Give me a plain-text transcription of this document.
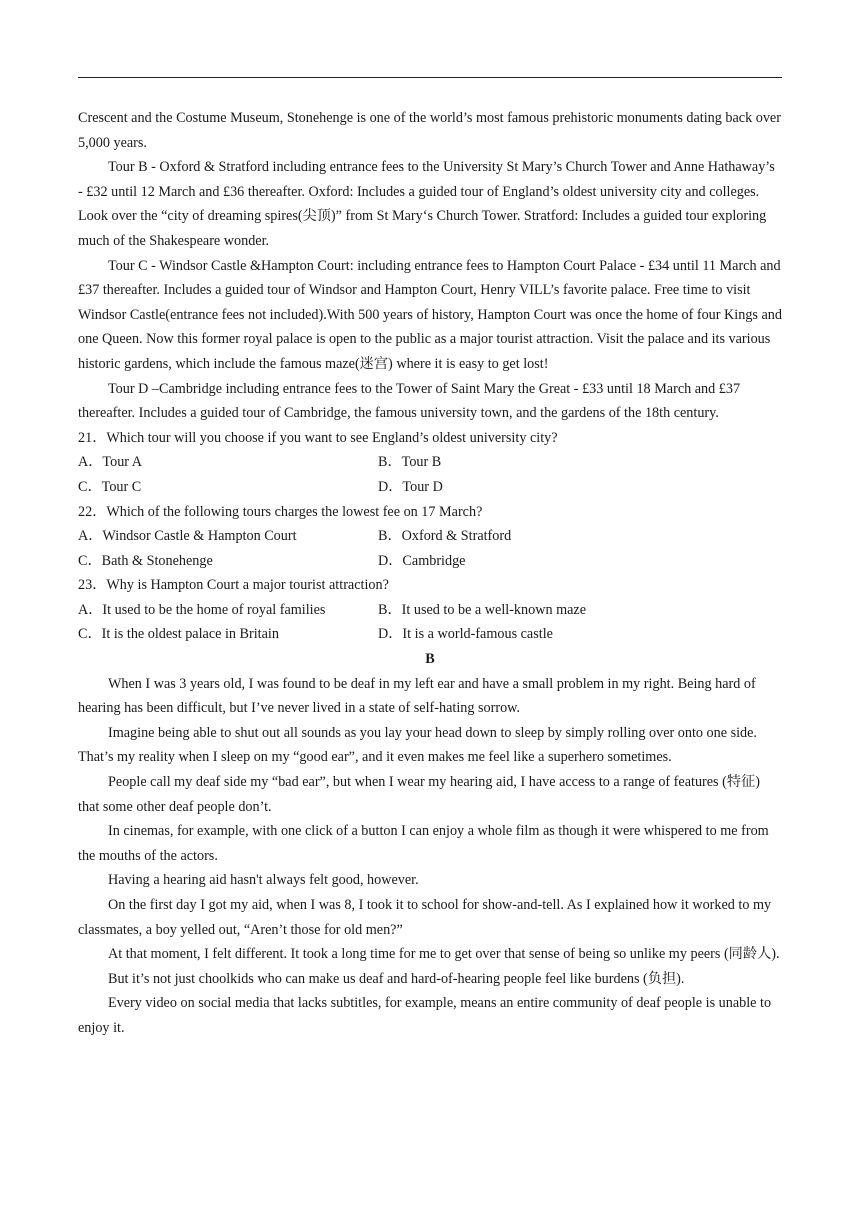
Crescent and the Costume Museum, Stonehenge is one of the world’s most famous prehistoric monuments dating back over 5,000 years.

Tour B - Oxford & Stratford including entrance fees to the University St Mary’s Church Tower and Anne Hathaway’s - £32 until 12 March and £36 thereafter. Oxford: Includes a guided tour of England’s oldest university city and colleges. Look over the “city of dreaming spires(尖顶)” from St Mary‘s Church Tower. Stratford: Includes a guided tour exploring much of the Shakespeare wonder.

Tour C - Windsor Castle &Hampton Court: including entrance fees to Hampton Court Palace - £34 until 11 March and £37 thereafter. Includes a guided tour of Windsor and Hampton Court, Henry VILL’s favorite palace. Free time to visit Windsor Castle(entrance fees not included).With 500 years of history, Hampton Court was once the home of four Kings and one Queen. Now this former royal palace is open to the public as a major tourist attraction. Visit the palace and its various historic gardens, which include the famous maze(迷宫) where it is easy to get lost!

Tour D –Cambridge including entrance fees to the Tower of Saint Mary the Great - £33 until 18 March and £37 thereafter. Includes a guided tour of Cambridge, the famous university town, and the gardens of the 18th century.

21．Which tour will you choose if you want to see England’s oldest university city?

A．Tour A	B．Tour B

C．Tour C	D．Tour D

22．Which of the following tours charges the lowest fee on 17 March?

A．Windsor Castle & Hampton Court	B．Oxford & Stratford

C．Bath & Stonehenge	D．Cambridge

23．Why is Hampton Court a major tourist attraction?

A．It used to be the home of royal families	B．It used to be a well-known maze

C．It is the oldest palace in Britain	D．It is a world-famous castle

B

When I was 3 years old, I was found to be deaf in my left ear and have a small problem in my right. Being hard of hearing has been difficult, but I’ve never lived in a state of self-hating sorrow.

Imagine being able to shut out all sounds as you lay your head down to sleep by simply rolling over onto one side. That’s my reality when I sleep on my “good ear”, and it even makes me feel like a superhero sometimes.

People call my deaf side my “bad ear”, but when I wear my hearing aid, I have access to a range of features (特征) that some other deaf people don’t.

In cinemas, for example, with one click of a button I can enjoy a whole film as though it were whispered to me from the mouths of the actors.

Having a hearing aid hasn't always felt good, however.

On the first day I got my aid, when I was 8, I took it to school for show-and-tell. As I explained how it worked to my classmates, a boy yelled out, “Aren’t those for old men?”

At that moment, I felt different. It took a long time for me to get over that sense of being so unlike my peers (同龄人).

But it’s not just choolkids who can make us deaf and hard-of-hearing people feel like burdens (负担).

Every video on social media that lacks subtitles, for example, means an entire community of deaf people is unable to enjoy it.
